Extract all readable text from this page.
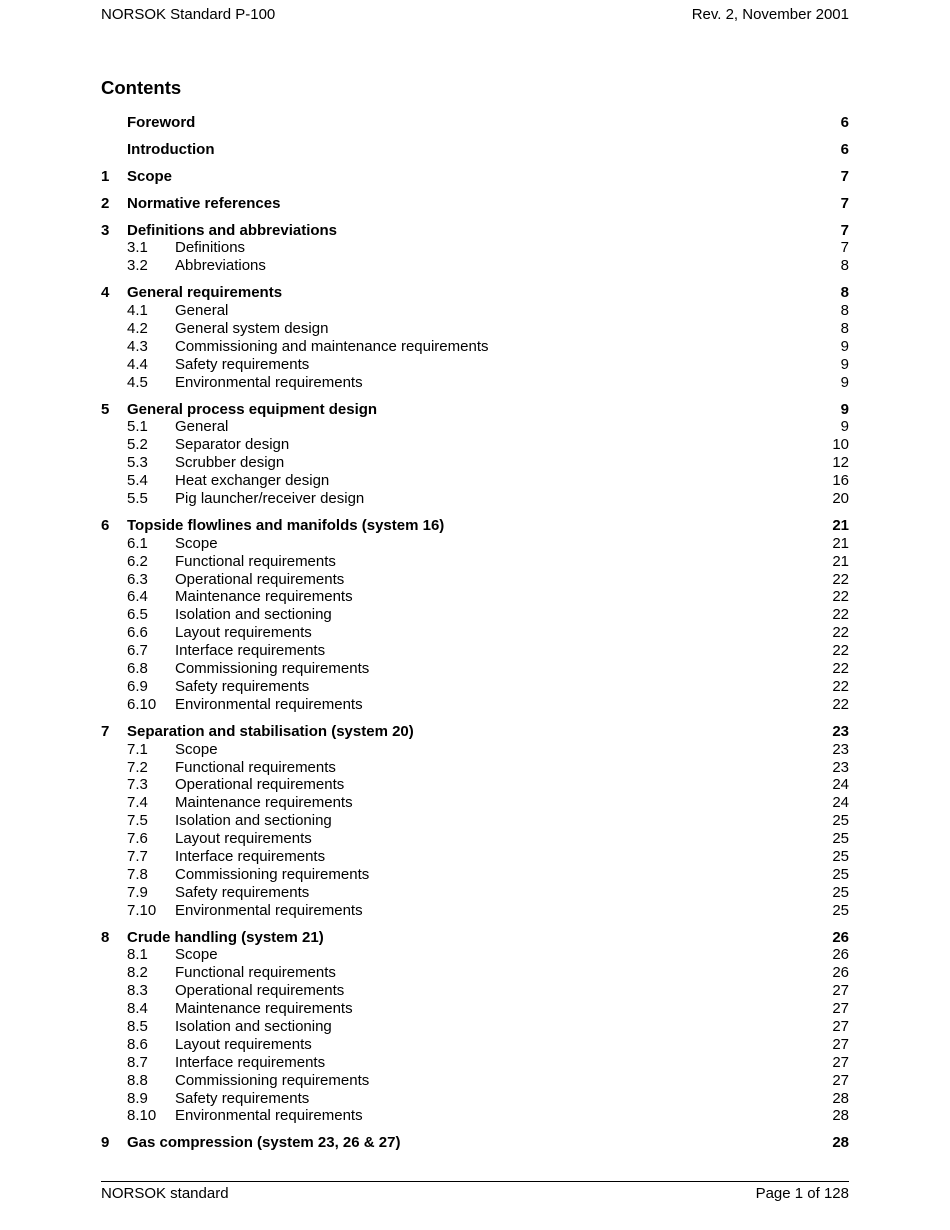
NORSOK Standard P-100	Rev. 2, November 2001
Contents
Foreword	6
Introduction	6
1	Scope	7
2	Normative references	7
3	Definitions and abbreviations	7
3.1	Definitions	7
3.2	Abbreviations	8
4	General requirements	8
4.1	General	8
4.2	General system design	8
4.3	Commissioning and maintenance requirements	9
4.4	Safety requirements	9
4.5	Environmental requirements	9
5	General process equipment design	9
5.1	General	9
5.2	Separator design	10
5.3	Scrubber design	12
5.4	Heat exchanger design	16
5.5	Pig launcher/receiver design	20
6	Topside flowlines and manifolds (system 16)	21
6.1	Scope	21
6.2	Functional requirements	21
6.3	Operational requirements	22
6.4	Maintenance requirements	22
6.5	Isolation and sectioning	22
6.6	Layout requirements	22
6.7	Interface requirements	22
6.8	Commissioning requirements	22
6.9	Safety requirements	22
6.10	Environmental requirements	22
7	Separation and stabilisation (system 20)	23
7.1	Scope	23
7.2	Functional requirements	23
7.3	Operational requirements	24
7.4	Maintenance requirements	24
7.5	Isolation and sectioning	25
7.6	Layout requirements	25
7.7	Interface requirements	25
7.8	Commissioning requirements	25
7.9	Safety requirements	25
7.10	Environmental requirements	25
8	Crude handling (system 21)	26
8.1	Scope	26
8.2	Functional requirements	26
8.3	Operational requirements	27
8.4	Maintenance requirements	27
8.5	Isolation and sectioning	27
8.6	Layout requirements	27
8.7	Interface requirements	27
8.8	Commissioning requirements	27
8.9	Safety requirements	28
8.10	Environmental requirements	28
9	Gas compression (system 23, 26 & 27)	28
NORSOK standard	Page 1 of 128
